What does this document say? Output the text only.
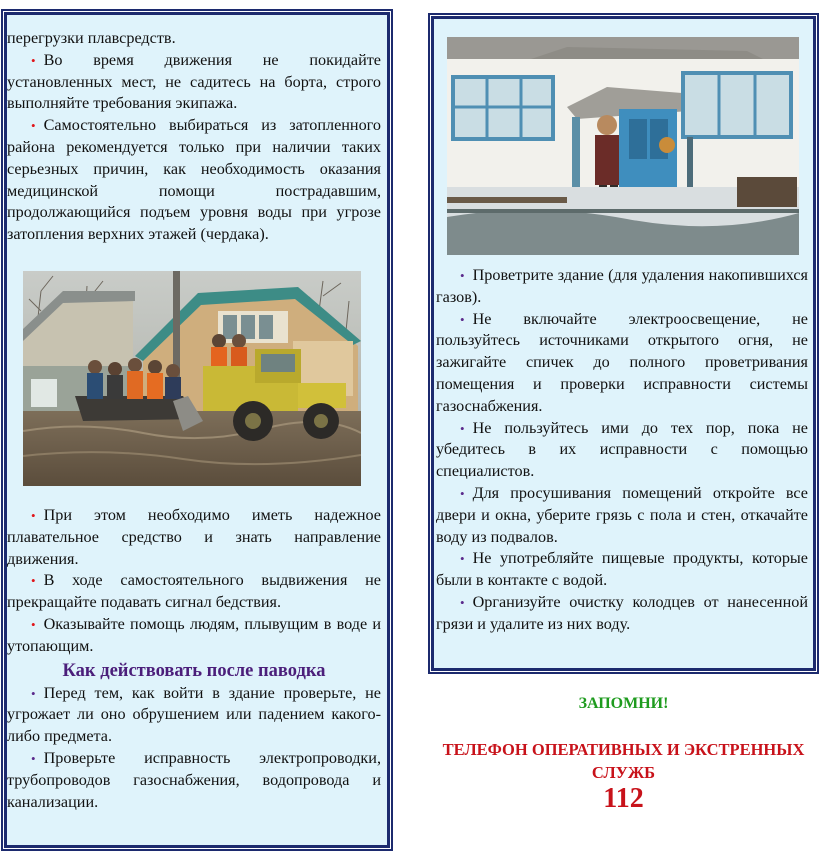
перегрузки плавсредств.

• Во время движения не покидайте установленных мест, не садитесь на борта, строго выполняйте требования экипажа.

• Самостоятельно выбираться из затопленного района рекомендуется только при наличии таких серьезных причин, как необходимость оказания медицинской помощи пострадавшим, продолжающийся подъем уровня воды при угрозе затопления верхних этажей (чердака).

• При этом необходимо иметь надежное плавательное средство и знать направление движения.

• В ходе самостоятельного выдвижения не прекращайте подавать сигнал бедствия.

• Оказывайте помощь людям, плывущим в воде и утопающим.

Как действовать после паводка

• Перед тем, как войти в здание проверьте, не угрожает ли оно обрушением или падением какого-либо предмета.

• Проверьте исправность электропроводки, трубопроводов газоснабжения, водопровода и канализации.

• Проветрите здание (для удаления накопившихся газов).

• Не включайте электроосвещение, не пользуйтесь источниками открытого огня, не зажигайте спичек до полного проветривания помещения и проверки исправности системы газоснабжения.

• Не пользуйтесь ими до тех пор, пока не убедитесь в их исправности с помощью специалистов.

• Для просушивания помещений откройте все двери и окна, уберите грязь с пола и стен, откачайте воду из подвалов.

• Не употребляйте пищевые продукты, которые были в контакте с водой.

• Организуйте очистку колодцев от нанесенной грязи и удалите из них воду.

ЗАПОМНИ!
ТЕЛЕФОН ОПЕРАТИВНЫХ И ЭКСТРЕННЫХ СЛУЖБ
112
